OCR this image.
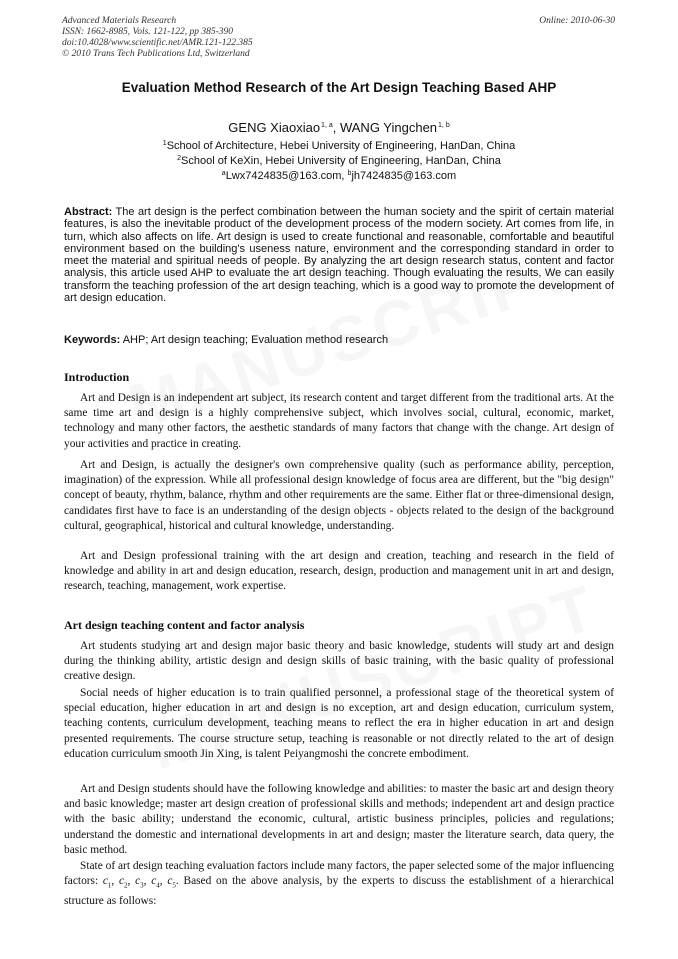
Advanced Materials Research
ISSN: 1662-8985, Vols. 121-122, pp 385-390
doi:10.4028/www.scientific.net/AMR.121-122.385
© 2010 Trans Tech Publications Ltd, Switzerland
Online: 2010-06-30
Evaluation Method Research of the Art Design Teaching Based AHP
GENG Xiaoxiao$^{1, a}$, WANG Yingchen$^{1, b}$
$^1$School of Architecture, Hebei University of Engineering, HanDan, China
$^2$School of KeXin, Hebei University of Engineering, HanDan, China
$^a$Lwx7424835@163.com, $^b$jh7424835@163.com
Abstract: The art design is the perfect combination between the human society and the spirit of certain material features, is also the inevitable product of the development process of the modern society. Art comes from life, in turn, which also affects on life. Art design is used to create functional and reasonable, comfortable and beautiful environment based on the building's useness nature, environment and the corresponding standard in order to meet the material and spiritual needs of people. By analyzing the art design research status, content and factor analysis, this article used AHP to evaluate the art design teaching. Though evaluating the results, We can easily transform the teaching profession of the art design teaching, which is a good way to promote the development of art design education.
Keywords: AHP; Art design teaching; Evaluation method research
Introduction
Art and Design is an independent art subject, its research content and target different from the traditional arts. At the same time art and design is a highly comprehensive subject, which involves social, cultural, economic, market, technology and many other factors, the aesthetic standards of many factors that change with the change. Art design of your activities and practice in creating.
Art and Design, is actually the designer's own comprehensive quality (such as performance ability, perception, imagination) of the expression. While all professional design knowledge of focus area are different, but the "big design" concept of beauty, rhythm, balance, rhythm and other requirements are the same. Either flat or three-dimensional design, candidates first have to face is an understanding of the design objects - objects related to the design of the background cultural, geographical, historical and cultural knowledge, understanding.
Art and Design professional training with the art design and creation, teaching and research in the field of knowledge and ability in art and design education, research, design, production and management unit in art and design, research, teaching, management, work expertise.
Art design teaching content and factor analysis
Art students studying art and design major basic theory and basic knowledge, students will study art and design during the thinking ability, artistic design and design skills of basic training, with the basic quality of professional creative design.
Social needs of higher education is to train qualified personnel, a professional stage of the theoretical system of special education, higher education in art and design is no exception, art and design education, curriculum system, teaching contents, curriculum development, teaching means to reflect the era in higher education in art and design presented requirements. The course structure setup, teaching is reasonable or not directly related to the art of design education curriculum smooth Jin Xing, is talent Peiyangmoshi the concrete embodiment.
Art and Design students should have the following knowledge and abilities: to master the basic art and design theory and basic knowledge; master art design creation of professional skills and methods; independent art and design practice with the basic ability; understand the economic, cultural, artistic business principles, policies and regulations; understand the domestic and international developments in art and design; master the literature search, data query, the basic method.
State of art design teaching evaluation factors include many factors, the paper selected some of the major influencing factors: $c_1$, $c_2$, $c_3$, $c_4$, $c_5$. Based on the above analysis, by the experts to discuss the establishment of a hierarchical structure as follows:
